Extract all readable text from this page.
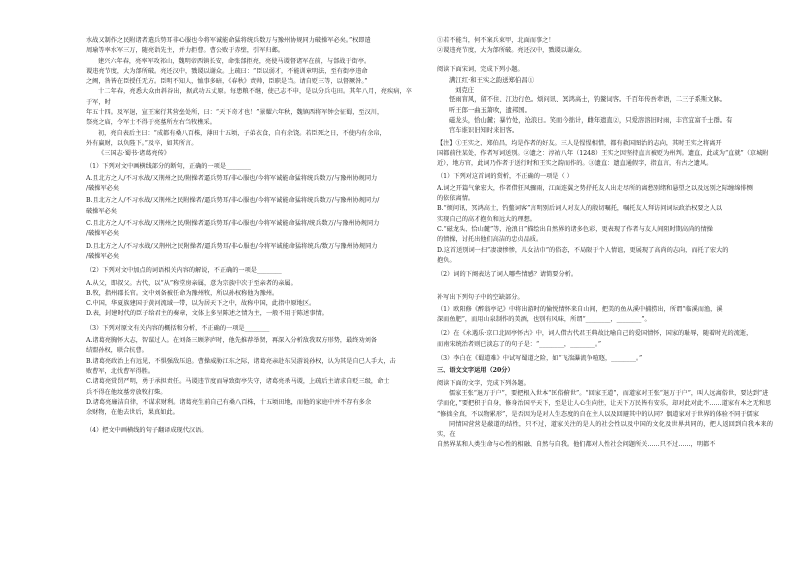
水战又制作之民附诸者遣兵势耳非心服也今将军诚能命猛将统兵数万与豫州协规同力破操军必矣。”权即遣

周瑜等率水军三万，随亮诣先主，并力拒曹。曹公败于赤壁，引军归邺。

建兴六年春，亮率军攻祁山，魏明帝西镇长安，命张郃拒亮，亮使马谡督诸军在前，与郃战于街亭。

谡违亮节度，大为郃所破。亮还汉中，戮谡以谢众。上疏曰：“臣以弱才，不能训章明法，至有街亭违命

之阙，咎皆在臣授任无方。臣明不知人，恤事多暗，《春秋》责帅，臣职是当。请自贬三等，以督厥咎。”

十二年春，亮悉大众由斜谷出，据武功五丈原。每患粮不继，使己志不申，是以分兵屯田。其年八月，亮疾病，卒于军，时

年五十四。及军退，宣王案行其营垒处所，曰：“天下奇才也！”景耀六年秋，魏镇西将军钟会征蜀，至汉川，

祭亮之庙，令军士不得于亮墓所左右刍牧樵采。

初，亮自表后主曰：“成都有桑八百株，薄田十五顷，子弟衣食，自有余饶。若臣死之日，不使内有余帛，

外有赢财，以负陛下。”及卒，如其所言。

《三国志·蜀书·诸葛亮传》

（1）下列对文中画横线部分的断句，正确的一项是________

A.且北方之人/不习水战/又荆州之民/附操者逼兵势耳/非心服也/今将军诚能命猛将统兵数万/与豫州协规同力

/破操军必矣

B.且北方之人/不习水战/又荆州之民附操者/逼兵势耳/非心服也/今将军诚能命猛将统兵数万/与豫州协规同力/

破操军必矣

C.且北方之人/不习水战/又荆州之民/附操者逼兵势耳/非心服也/今将军诚能命猛将/统兵数万/与豫州协规同力

/破操军必矣

D.且北方之人/不习水战/又荆州之民附操者/逼兵势耳/非心服也/今将军诚能命猛将统兵/数万与豫州协规同力

/破操军必矣

（2）下列对文中加点的词语相关内容的解说，不正确的一项是________

A.从父，即叔父。古代，以“从”称堂房亲属，意为宗族中次于至亲者的亲属。

B.牧，指州郡长官。文中刘备被任命为豫州牧，所以孙权称他为豫州。

C.中国，华夏族建国于黄河流域一带，以为居天下之中，故称中国，此指中原地区。

D.表，封建时代的臣子给君主的奏章，文体上多呈陈述之情为主，一般不用于陈述事情。

（3）下列对原文有关内容的概括和分析，不正确的一项是________

A.诸葛亮胸怀大志，智谋过人。在刘备三顾茅庐时，他先推荐举贤，再深入分析敌我双方形势，最终劝刘备

结盟孙权，联合抗曹。

B.诸葛亮政治上有远见，不惧强敌压迫。曹操威胁江东之际，诸葛亮亲赴东吴游说孙权，认为其是自已人手大，击

败曹军，北伐曹军得胜。

C.诸葛亮赏罚严明，勇于承担责任。马谡违节度而导致街亭失守，诸葛亮杀马谡，上疏后主请求自贬三级，命士

兵不得在他坟墓旁放牧打柴。

D.诸葛亮廉洁自律，不谋求财利。诸葛亮生前自己有桑八百株，十五顷田地，而他的家庭中并不存有多余

余财物，在他去世后，果真如此。

（4）把文中画横线的句子翻译成现代汉语。

①若不能当，何不案兵束甲，北面而事之！

②谡违亮节度，大为郃所破。亮还汉中，戮谡以谢众。

阅读下面宋词，完成下列小题。

满江红·和王实之韵送郑伯昌①

刘克庄

怪雨盲风，留不住、江边行色。烦问讯、冥鸿高士，钓鳌词客。千百年传吾辈语，二三子系斯文脉。

听王郎一曲玉箫吹，遗邦国。

磁龙头，恰山麓；暴竹处，沧浪日。笑而今拙计，雌年遗直②，只爱溶溶旧时雨，丰宫宜富千士群。有

官车谁识旧知时来旧客。

【注】①王实之、郑伯昌，均是作者的好友。三人是惺惺相惜，都有救国图治的志向，其时王实之将离开

国都前往某处，作者写词送别。②遗之：淳祐八年（1248）王实之因坚持直言被贬为州判。遗直，此或为“直就”（京城附

近），地方官，此词乃作者于送行时和王实之韵而作的。③遗直：遗直通假字，指直言，有古之遗风。

（1）下列对这首词的赏析，不正确的一项是（ ）

A.词之开篇气象宏大，作者借狂风骤雨，江面连翼之势抒托友人出走尽所的离愁别绪和悬望之以及远别之际缠绵悱恻

的依依离情。

B.“烦问讯，冥鸿高士，钓鳌词客”言明别后词人对友人的殷切嘱托，嘱托友人拜访问词坛政治权要之人以

实现自己的高才抱负和远大的理想。

C.“磁龙头、恰山麓”等，沧浪日”描绘出自然界的诸多色彩，更表现了作者与友人间阻时期高尚的情操

的情操，讨托出他们高洁的忠贞品质。

D.这首送别词一扫“凄凄惨惨，儿女沾巾”的俗态，不局限于个人情谊，更展现了高尚的志向，而托了宏大的

抱负。

（2）词的下阕表达了词人哪些情感？请简要分析。

补写出下列句子中的空缺部分。

（1）欧阳修《醉翁亭记》中将出游时的愉悦情怀来自山间，把美的鱼从溪中捕捞出，所谓“临溪而渔，溪

深而鱼肥”，而用山泉制作的美酒，也别有风味，所谓“________，________”。

（2）在《永遇乐·京口北固亭怀古》中，词人借古代君王典故比喻自己的爱国情怀，国家的耻辱，随着时光的流逝，

而南宋统治者则已淡忘了的句子是：“________，________。”

（3）李白在《蜀道难》中试写蜀道之险，如“飞湍瀑流争喧豗，________。”

三、语文文字运用（20分）

阅读下面的文字，完成下列各题。

儒家王张“退万于户”，要把根入世本“匡俗俯世”。“回家王道”，而道家对王张“退万于户”，叫人远离俗世，要达到“进

学而化，”要把积于自身，修身治国平天下，至是让人心生向往，让天下万民皆有安乐，却对此对此不……道家有本之无和思

“修拙全真，不以物累形”，是否因为是对人生态度的自在主人以及回避其中的认同？偶道家对于世界的体验不同于儒家

同情国营营是蔽道的结性，只不过，道家关注的是人的社会性以及中国的文化及世界共同的，把人返回到自我本来的实，在

自然界某和人类生命与心性的相融、自然与自我。他们都对人性社会问题所关……只不过……，明都不
